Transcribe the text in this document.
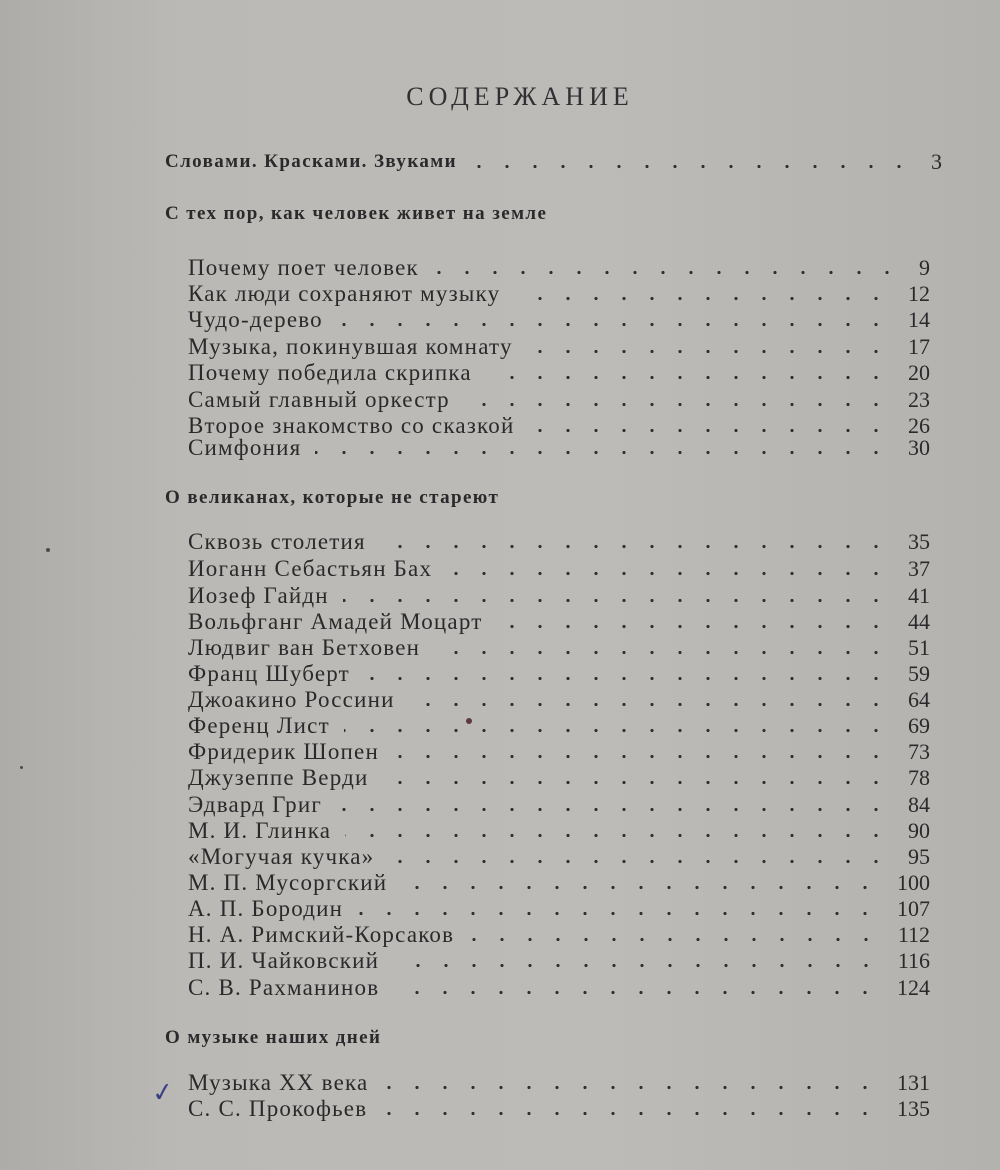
СОДЕРЖАНИЕ
Словами. Красками. Звуками	3
С тех пор, как человек живет на земле
Почему поет человек	9
Как люди сохраняют музыку	12
Чудо-дерево	14
Музыка, покинувшая комнату	17
Почему победила скрипка	20
Самый главный оркестр	23
Второе знакомство со сказкой	26
Симфония	30
О великанах, которые не стареют
Сквозь столетия	35
Иоганн Себастьян Бах	37
Иозеф Гайдн	41
Вольфганг Амадей Моцарт	44
Людвиг ван Бетховен	51
Франц Шуберт	59
Джоакино Россини	64
Ференц Лист	69
Фридерик Шопен	73
Джузеппе Верди	78
Эдвард Григ	84
М. И. Глинка	90
«Могучая кучка»	95
М. П. Мусоргский	100
А. П. Бородин	107
Н. А. Римский-Корсаков	112
П. И. Чайковский	116
С. В. Рахманинов	124
О музыке наших дней
Музыка XX века	131
С. С. Прокофьев	135
✓
